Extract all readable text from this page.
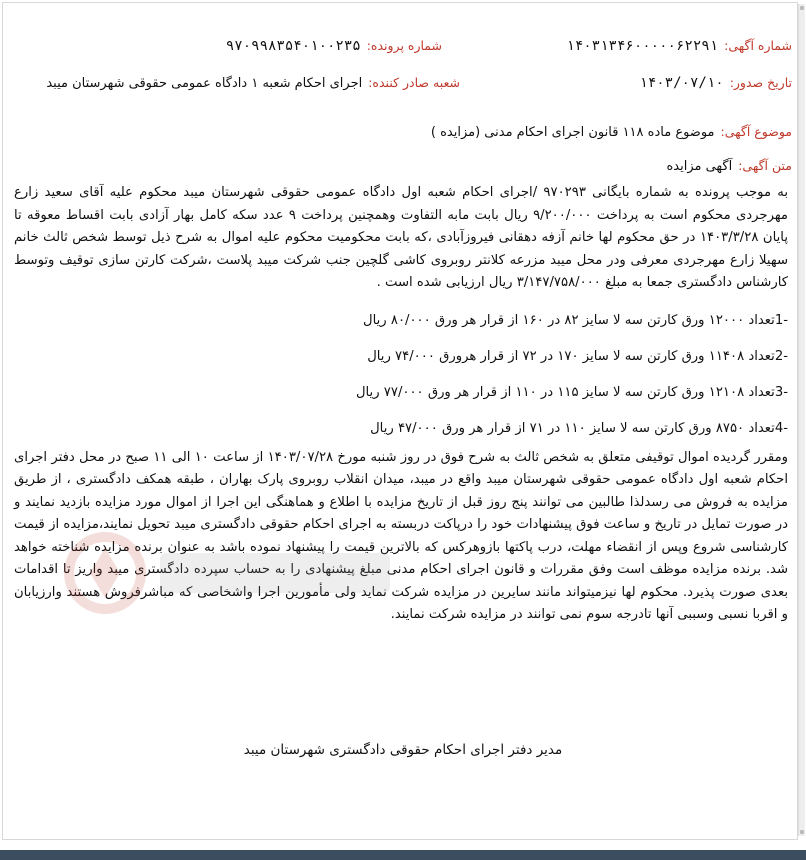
شماره آگهی:
۱۴۰۳۱۳۴۶۰۰۰۰۰۶۲۲۹۱
شماره پرونده:
۹۷۰۹۹۸۳۵۴۰۱۰۰۲۳۵
تاریخ صدور:
۱۴۰۳/۰۷/۱۰
شعبه صادر کننده:
اجرای احکام شعبه ۱ دادگاه عمومی حقوقی شهرستان میبد
موضوع آگهی:
موضوع ماده ۱۱۸ قانون اجرای احکام مدنی (مزایده )
متن آگهی:
آگهی مزایده

به موجب پرونده به شماره بایگانی ۹۷۰۲۹۳ /اجرای احکام شعبه اول دادگاه عمومی حقوقی شهرستان میبد محکوم علیه آقای سعید زارع مهرجردی محکوم است به پرداخت ۹/۲۰۰/۰۰۰ ریال بابت مابه التفاوت وهمچنین پرداخت ۹ عدد سکه کامل بهار آزادی بابت اقساط معوقه تا پایان ۱۴۰۳/۳/۲۸ در حق محکوم لها خانم آزفه دهقانی فیروزآبادی ،که بابت محکومیت محکوم علیه اموال به شرح ذیل توسط شخص ثالث خانم سهیلا زارع مهرجردی معرفی ودر محل میبد مزرعه کلانتر روبروی کاشی گلچین جنب شرکت میبد پلاست ،شرکت کارتن سازی توقیف وتوسط کارشناس دادگستری جمعا به مبلغ ۳/۱۴۷/۷۵۸/۰۰۰ ریال ارزیابی شده است .

-1تعداد ۱۲۰۰۰ ورق کارتن سه لا سایز ۸۲ در ۱۶۰ از قرار هر ورق ۸۰/۰۰۰ ریال
-2تعداد ۱۱۴۰۸ ورق کارتن سه لا سایز ۱۷۰ در ۷۲ از قرار هرورق ۷۴/۰۰۰ ریال
-3تعداد ۱۲۱۰۸ ورق کارتن سه لا سایز ۱۱۵ در ۱۱۰ از قرار هر ورق ۷۷/۰۰۰ ریال
-4تعداد ۸۷۵۰ ورق کارتن سه لا سایز ۱۱۰ در ۷۱ از قرار هر ورق ۴۷/۰۰۰ ریال

ومقرر گردیده اموال توقیفی متعلق به شخص ثالث به شرح فوق در روز شنبه مورخ ۱۴۰۳/۰۷/۲۸ از ساعت ۱۰ الی ۱۱ صبح در محل دفتر اجرای احکام شعبه اول دادگاه عمومی حقوقی شهرستان میبد واقع در میبد، میدان انقلاب روبروی پارک بهاران ، طبقه همکف دادگستری ، از طریق مزایده به فروش می رسدلذا طالبین می توانند پنج روز قبل از تاریخ مزایده با اطلاع و هماهنگی این اجرا از اموال مورد مزایده بازدید نمایند و در صورت تمایل در تاریخ و ساعت فوق پیشنهادات خود را درپاکت دربسته به اجرای احکام حقوقی دادگستری میبد تحویل نمایند،مزایده از قیمت کارشناسی شروع وپس از انقضاء مهلت، درب پاکتها بازوهرکس که بالاترین قیمت را پیشنهاد نموده باشد به عنوان برنده مزایده شناخته خواهد شد. برنده مزایده موظف است وفق مقررات و قانون اجرای احکام مدنی مبلغ پیشنهادی را به حساب سپرده دادگستری میبد واریز تا اقدامات بعدی صورت پذیرد. محکوم لها نیزمیتواند مانند سایرین در مزایده شرکت نماید ولی مأمورین اجرا واشخاصی که مباشرفروش هستند وارزیابان و اقربا نسبی وسببی آنها تادرجه سوم نمی توانند در مزایده شرکت نمایند.

مدیر دفتر اجرای احکام حقوقی دادگستری شهرستان میبد
